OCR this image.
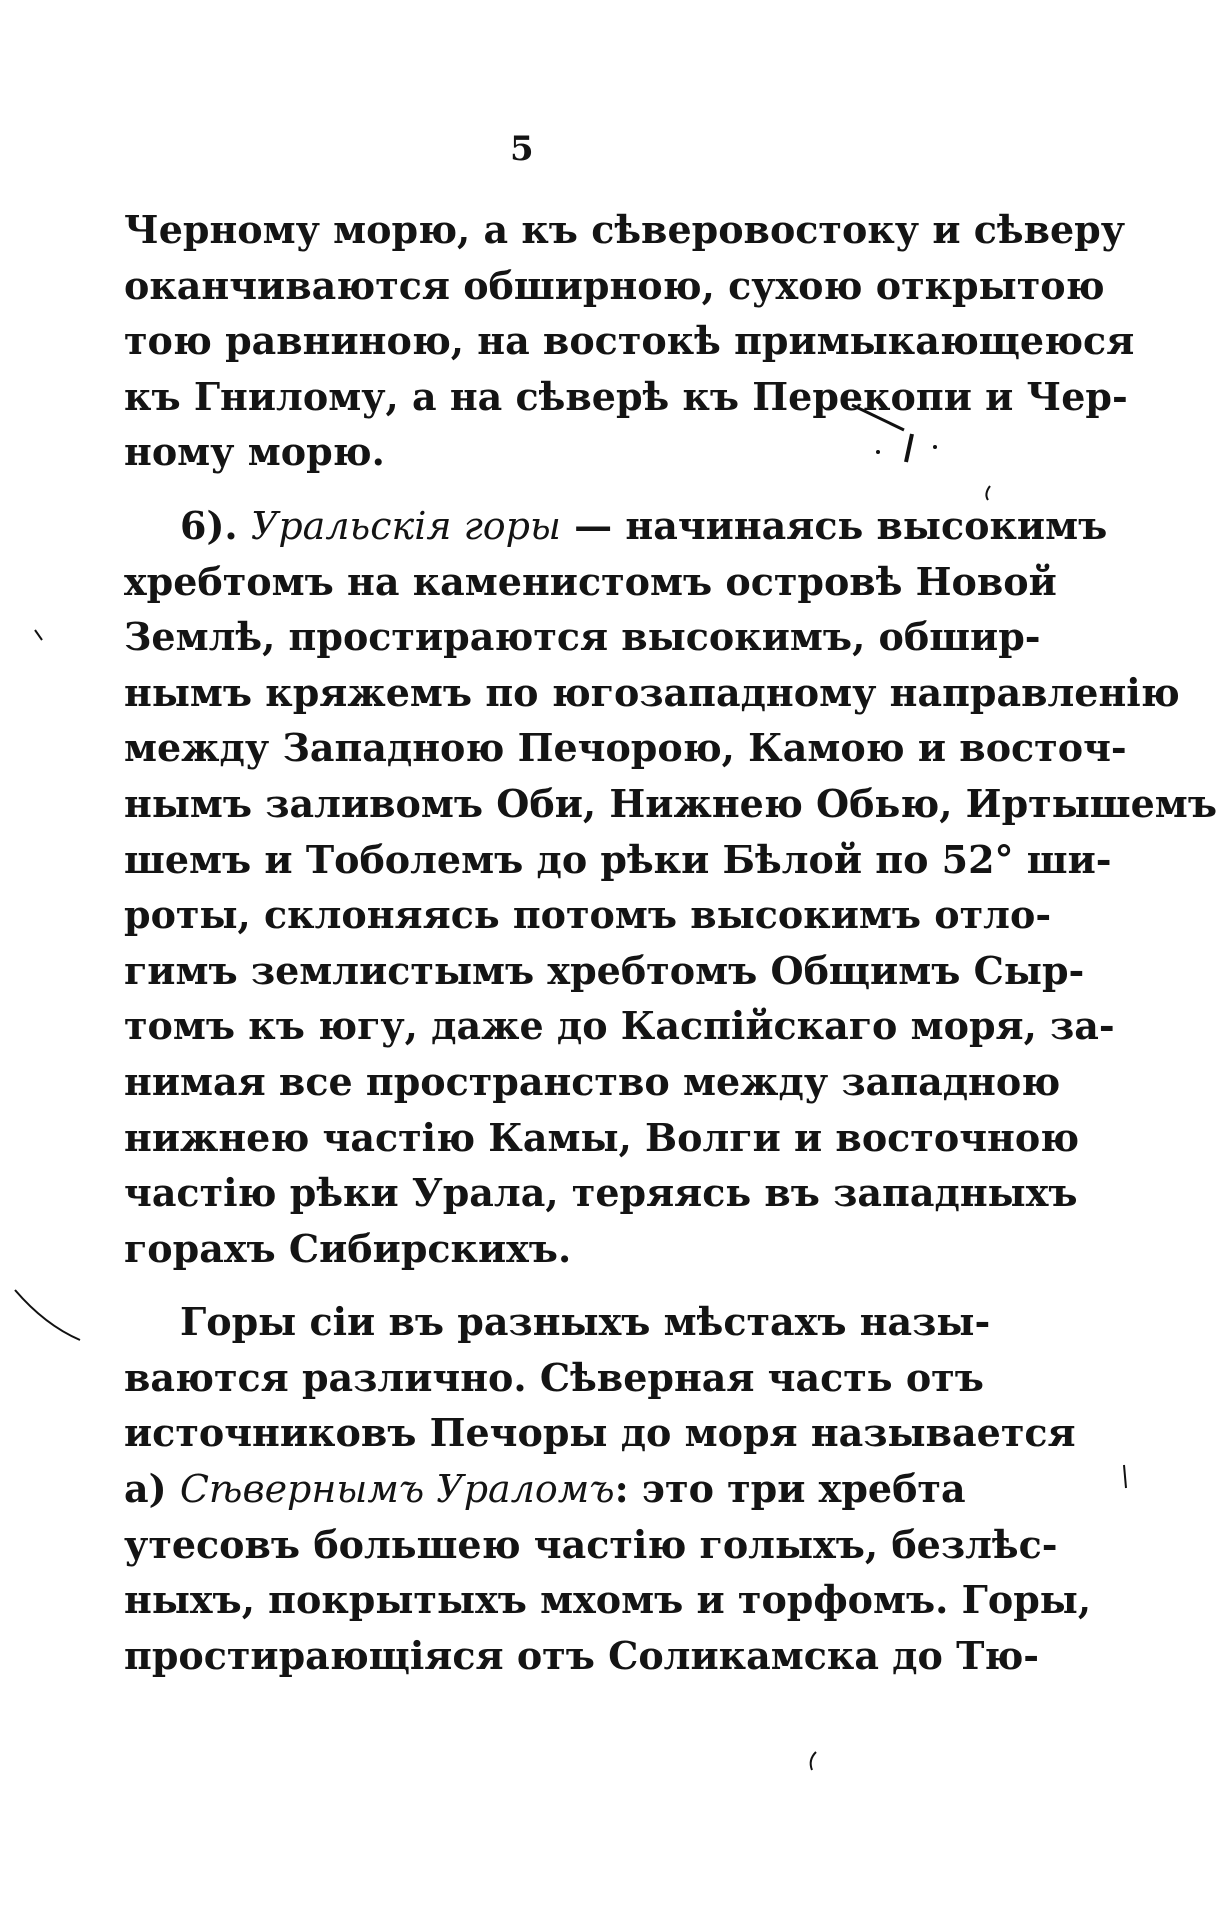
5
Черному морю, а къ сѣверовостоку и сѣверу
оканчиваются обширною, сухою открытою
тою равниною, на востокѣ примыкающеюся
къ Гнилому, а на сѣверѣ къ Перекопи и Чер-
ному морю.
6). Уральскія горы — начинаясь высокимъ
хребтомъ на каменистомъ островѣ Новой
Землѣ, простираются высокимъ, обшир-
нымъ кряжемъ по югозападному направленію
между Западною Печорою, Камою и восточ-
нымъ заливомъ Оби, Нижнею Обью, Иртышемъ
шемъ и Тоболемъ до рѣки Бѣлой по 52° ши-
роты, склоняясь потомъ высокимъ отло-
гимъ землистымъ хребтомъ Общимъ Сыр-
томъ къ югу, даже до Каспійскаго моря, за-
нимая все пространство между западною
нижнею частію Камы, Волги и восточною
частію рѣки Урала, теряясь въ западныхъ
горахъ Сибирскихъ.
Горы сіи въ разныхъ мѣстахъ назы-
ваются различно. Сѣверная часть отъ
источниковъ Печоры до моря называется
а) Сѣвернымъ Ураломъ: это три хребта
утесовъ большею частію голыхъ, безлѣс-
ныхъ, покрытыхъ мхомъ и торфомъ. Горы,
простирающіяся отъ Соликамска до Тю-
